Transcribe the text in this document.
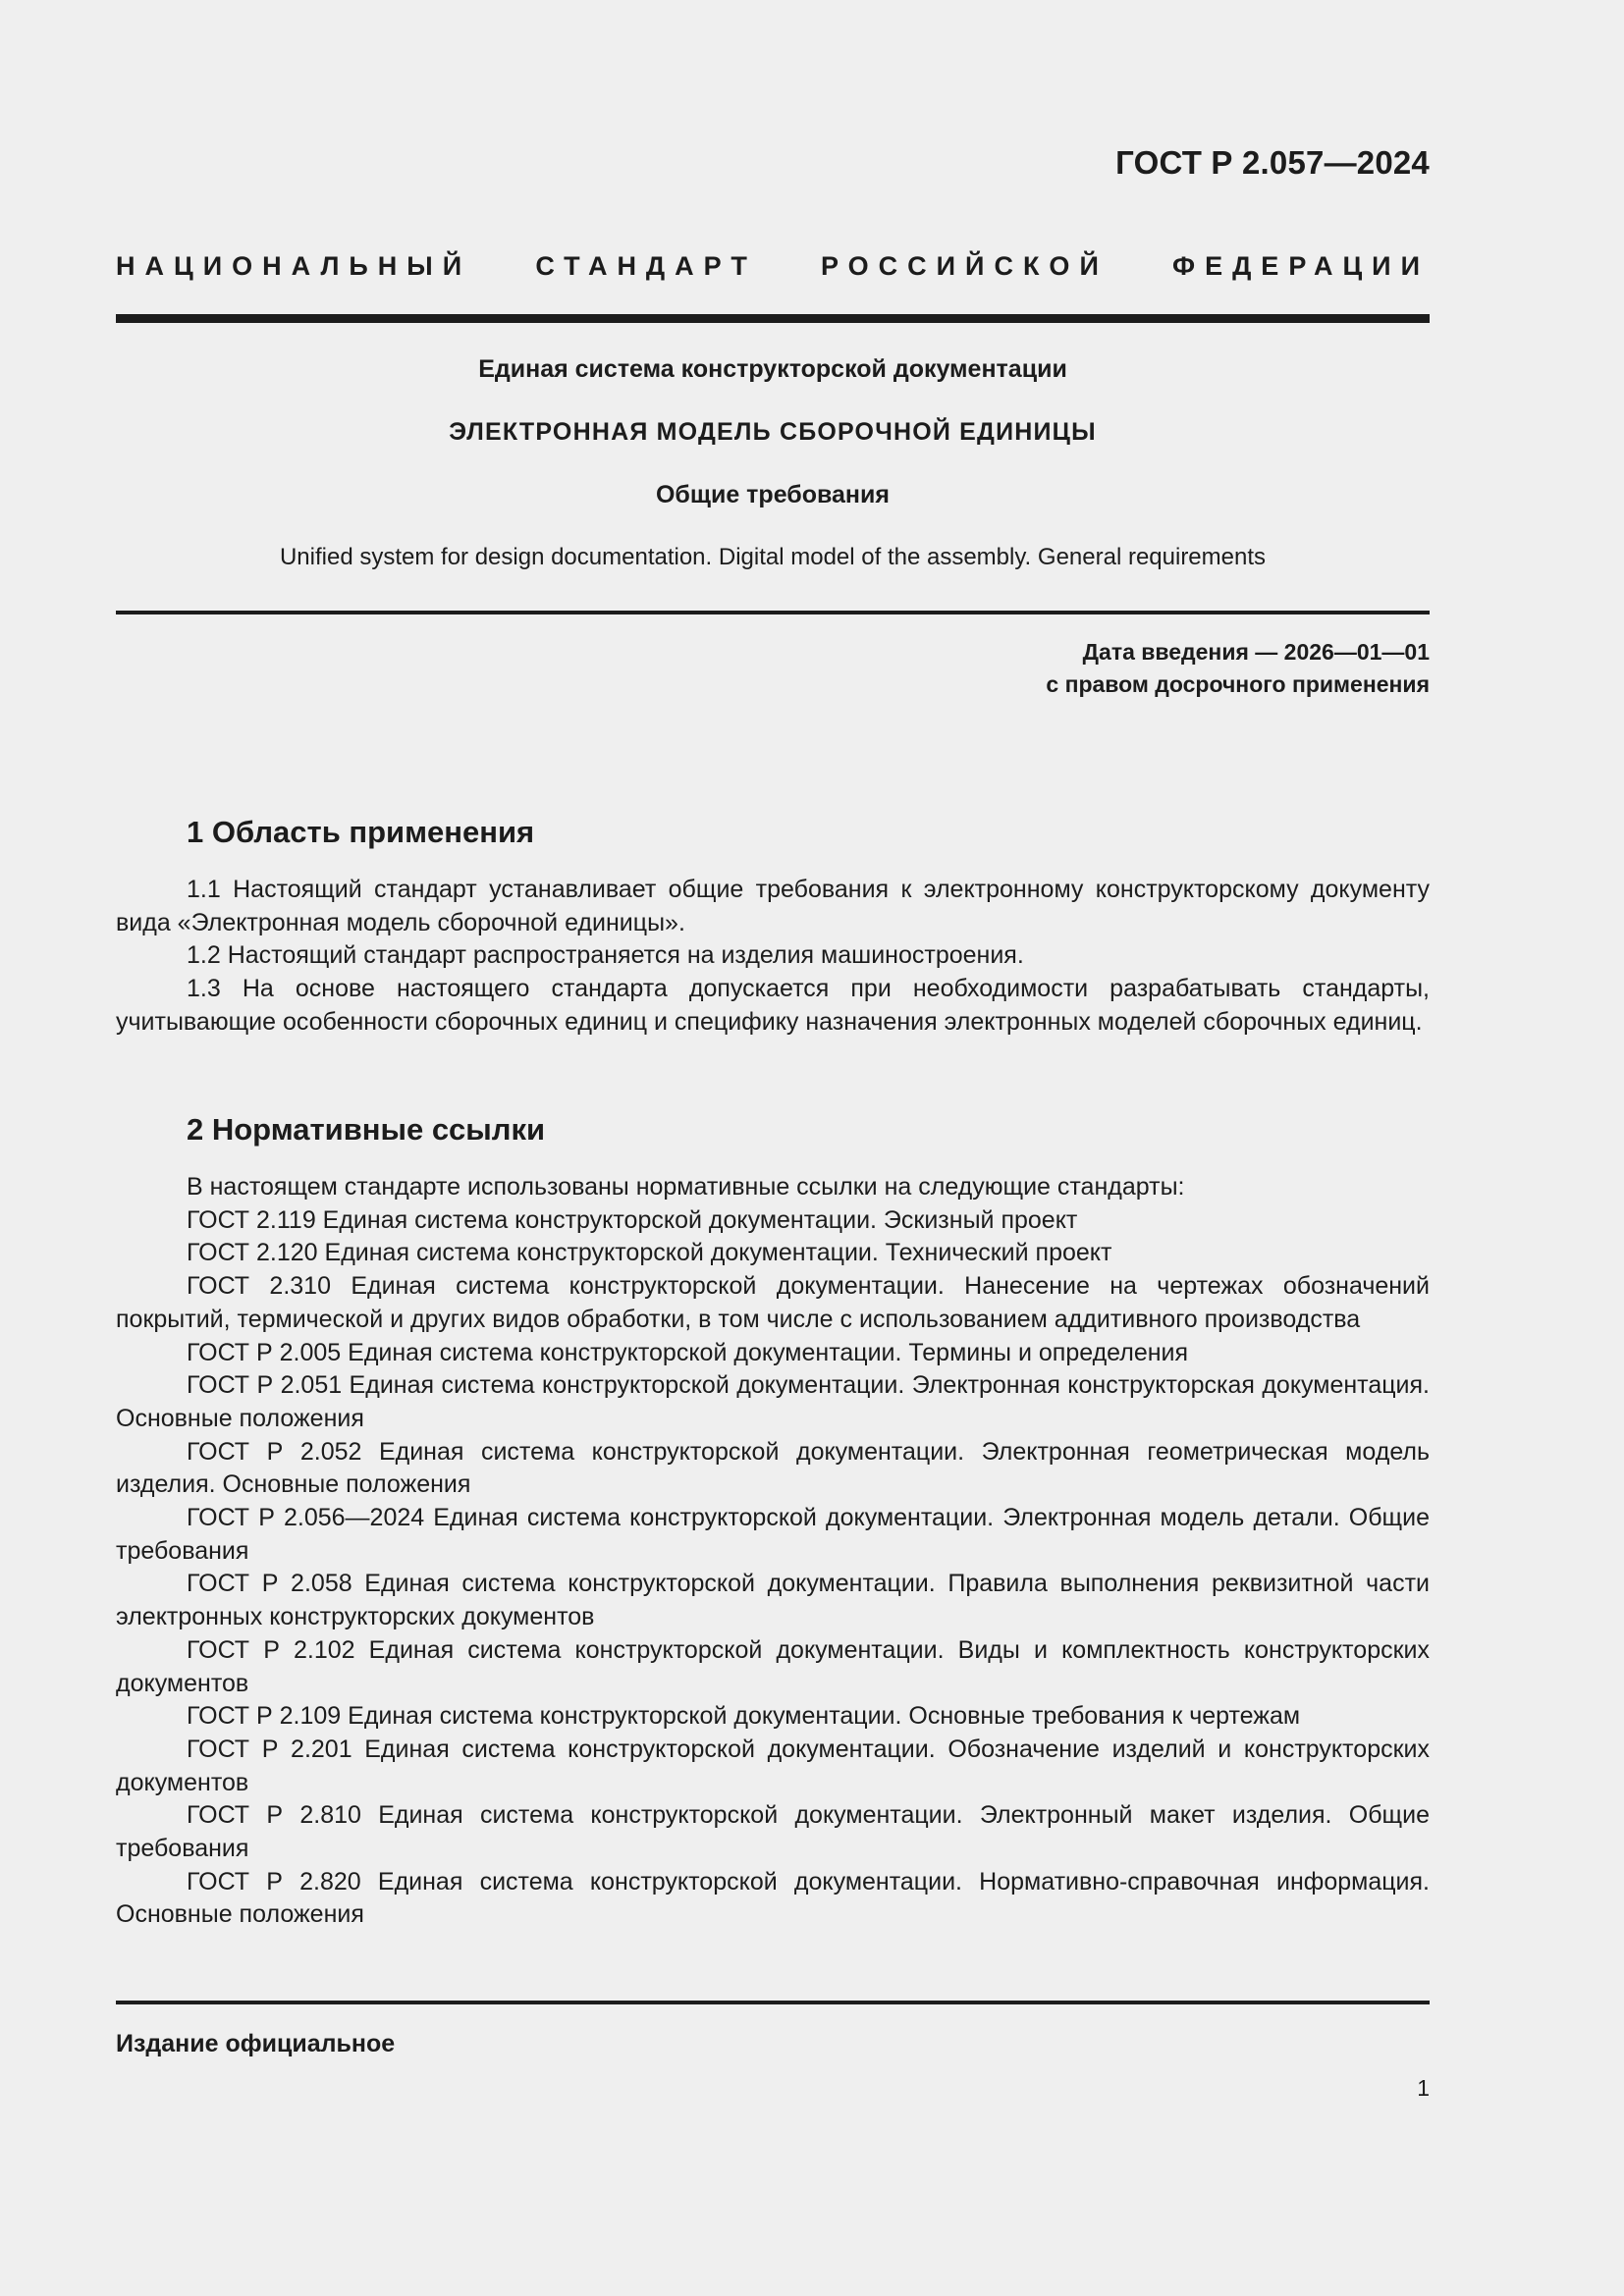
ГОСТ Р 2.057—2024
НАЦИОНАЛЬНЫЙ СТАНДАРТ РОССИЙСКОЙ ФЕДЕРАЦИИ
Единая система конструкторской документации
ЭЛЕКТРОННАЯ МОДЕЛЬ СБОРОЧНОЙ ЕДИНИЦЫ
Общие требования
Unified system for design documentation. Digital model of the assembly. General requirements
Дата введения — 2026—01—01
с правом досрочного применения
1 Область применения

1.1 Настоящий стандарт устанавливает общие требования к электронному конструкторскому документу вида «Электронная модель сборочной единицы».

1.2 Настоящий стандарт распространяется на изделия машиностроения.

1.3 На основе настоящего стандарта допускается при необходимости разрабатывать стандарты, учитывающие особенности сборочных единиц и специфику назначения электронных моделей сборочных единиц.

2 Нормативные ссылки

В настоящем стандарте использованы нормативные ссылки на следующие стандарты:

ГОСТ 2.119 Единая система конструкторской документации. Эскизный проект

ГОСТ 2.120 Единая система конструкторской документации. Технический проект

ГОСТ 2.310 Единая система конструкторской документации. Нанесение на чертежах обозначений покрытий, термической и других видов обработки, в том числе с использованием аддитивного производства

ГОСТ Р 2.005 Единая система конструкторской документации. Термины и определения

ГОСТ Р 2.051 Единая система конструкторской документации. Электронная конструкторская документация. Основные положения

ГОСТ Р 2.052 Единая система конструкторской документации. Электронная геометрическая модель изделия. Основные положения

ГОСТ Р 2.056—2024 Единая система конструкторской документации. Электронная модель детали. Общие требования

ГОСТ Р 2.058 Единая система конструкторской документации. Правила выполнения реквизитной части электронных конструкторских документов

ГОСТ Р 2.102 Единая система конструкторской документации. Виды и комплектность конструкторских документов

ГОСТ Р 2.109 Единая система конструкторской документации. Основные требования к чертежам

ГОСТ Р 2.201 Единая система конструкторской документации. Обозначение изделий и конструкторских документов

ГОСТ Р 2.810 Единая система конструкторской документации. Электронный макет изделия. Общие требования

ГОСТ Р 2.820 Единая система конструкторской документации. Нормативно-справочная информация. Основные положения

Издание официальное
1
